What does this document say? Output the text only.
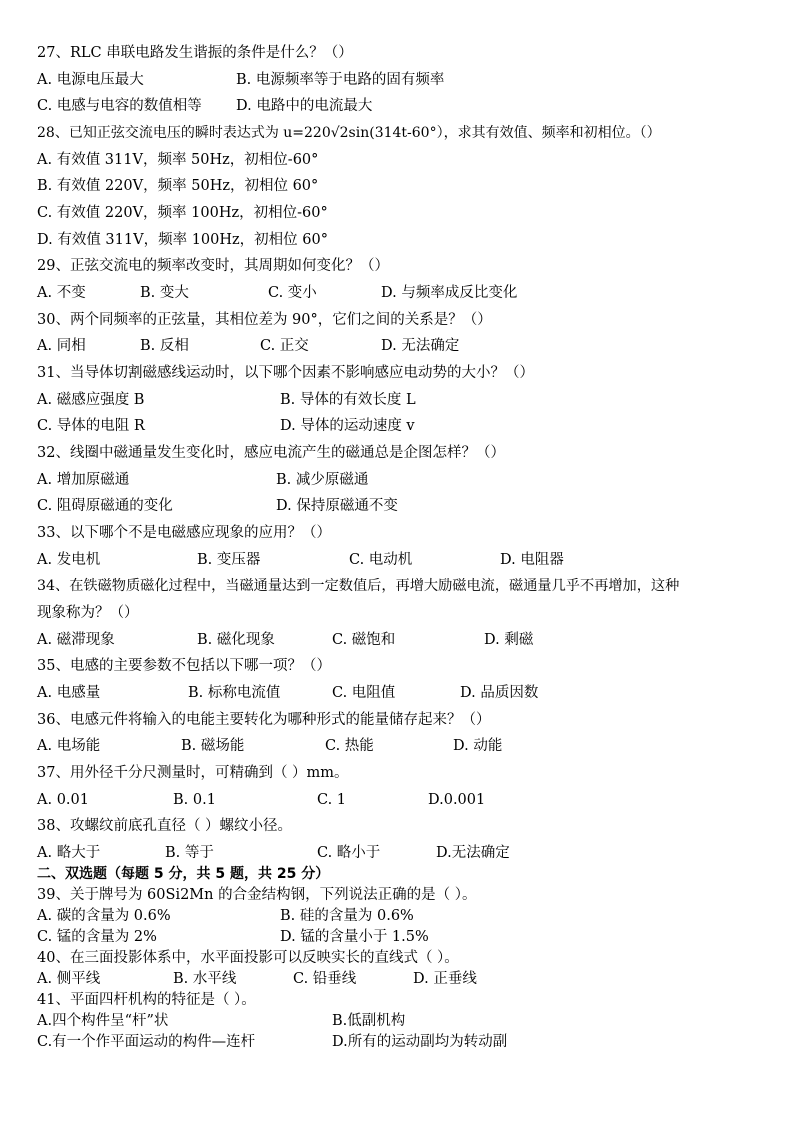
27、RLC 串联电路发生谐振的条件是什么？（）
A. 电源电压最大	B. 电源频率等于电路的固有频率
C. 电感与电容的数值相等 D. 电路中的电流最大
28、已知正弦交流电压的瞬时表达式为 u=220√2sin(314t-60°），求其有效值、频率和初相位。（）
A. 有效值 311V，频率 50Hz，初相位-60°
B. 有效值 220V，频率 50Hz，初相位 60°
C. 有效值 220V，频率 100Hz，初相位-60°
D. 有效值 311V，频率 100Hz，初相位 60°
29、正弦交流电的频率改变时，其周期如何变化？（）
A. 不变	B. 变大	C. 变小	D. 与频率成反比变化
30、两个同频率的正弦量，其相位差为 90°，它们之间的关系是？（）
A. 同相	B. 反相	C. 正交	D. 无法确定
31、当导体切割磁感线运动时，以下哪个因素不影响感应电动势的大小？（）
A. 磁感应强度 B	B. 导体的有效长度 L
C. 导体的电阻 R	D. 导体的运动速度 v
32、线圈中磁通量发生变化时，感应电流产生的磁通总是企图怎样？（）
A. 增加原磁通	B. 减少原磁通
C. 阻碍原磁通的变化	D. 保持原磁通不变
33、以下哪个不是电磁感应现象的应用？（）
A. 发电机	B. 变压器	C. 电动机	D. 电阻器
34、在铁磁物质磁化过程中，当磁通量达到一定数值后，再增大励磁电流，磁通量几乎不再增加，这种
现象称为？（）
A. 磁滞现象	B. 磁化现象	C. 磁饱和	D. 剩磁
35、电感的主要参数不包括以下哪一项？（）
A. 电感量	B. 标称电流值	C. 电阻值	D. 品质因数
36、电感元件将输入的电能主要转化为哪种形式的能量储存起来？（）
A. 电场能	B. 磁场能	C. 热能	D. 动能
37、用外径千分尺测量时，可精确到（ ）mm。
A. 0.01	B. 0.1	C. 1	D.0.001
38、攻螺纹前底孔直径（ ）螺纹小径。
A. 略大于	B. 等于	C. 略小于	D.无法确定
二、双选题（每题 5 分，共 5 题，共 25 分）
39、关于牌号为 60Si2Mn 的合金结构钢，下列说法正确的是（ ）。
A. 碳的含量为 0.6%	B. 硅的含量为 0.6%
C. 锰的含量为 2%	D. 锰的含量小于 1.5%
40、在三面投影体系中，水平面投影可以反映实长的直线式（ ）。
A. 侧平线	B. 水平线	C. 铅垂线	D. 正垂线
41、平面四杆机构的特征是（ ）。
A.四个构件呈“杆”状	B.低副机构
C.有一个作平面运动的构件—连杆	D.所有的运动副均为转动副
